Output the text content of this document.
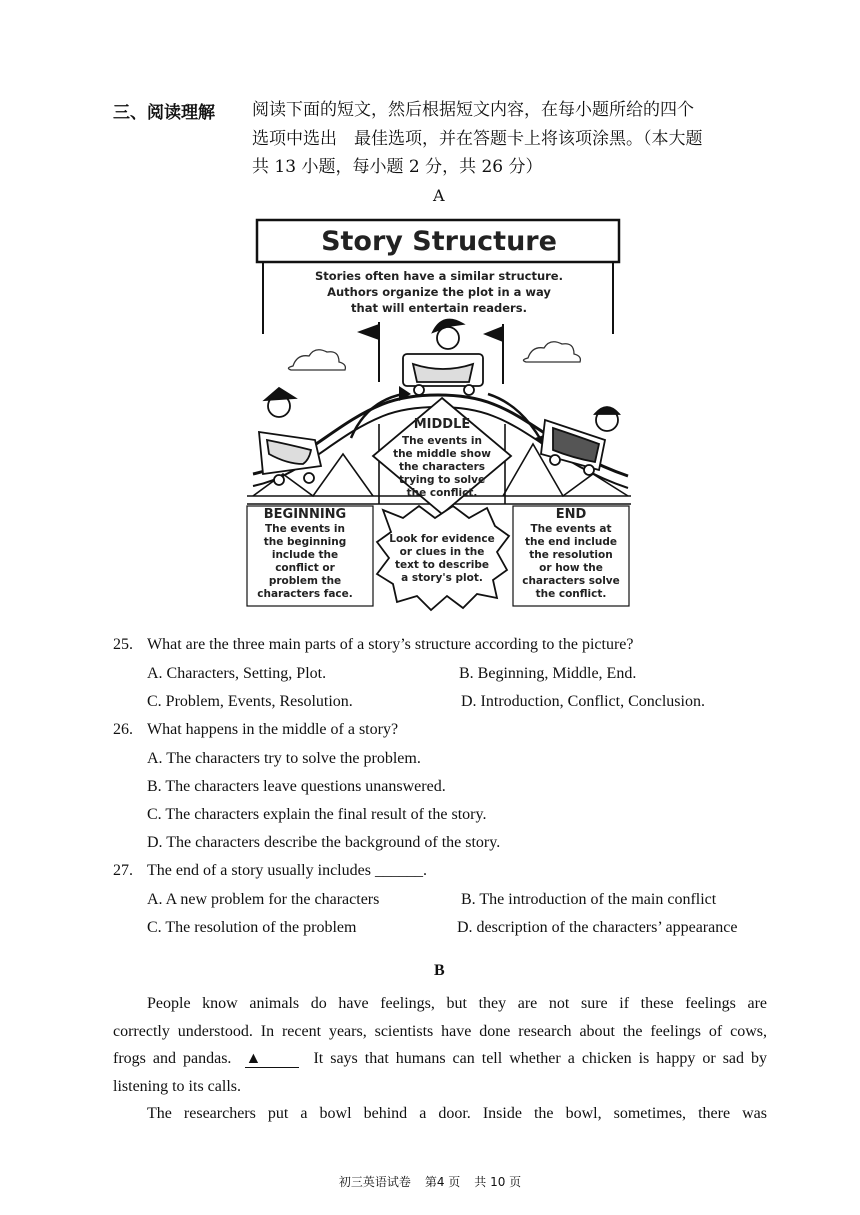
三、阅读理解 阅读下面的短文，然后根据短文内容，在每小题所给的四个
选项中选出　最佳选项，并在答题卡上将该项涂黑。（本大题
共 13 小题，每小题 2 分，共 26 分）
A
Story Structure
Stories often have a similar structure.
Authors organize the plot in a way
that will entertain readers.
MIDDLE
The events in
the middle show
the characters
trying to solve
the conflict.
BEGINNING
The events in
the beginning
include the
conflict or
problem the
characters face.
END
The events at
the end include
the resolution
or how the
characters solve
the conflict.
Look for evidence
or clues in the
text to describe
a story's plot.
25. What are the three main parts of a story’s structure according to the picture?
A. Characters, Setting, Plot.	B. Beginning, Middle, End.
C. Problem, Events, Resolution.	D. Introduction, Conflict, Conclusion.
26. What happens in the middle of a story?
A. The characters try to solve the problem.
B. The characters leave questions unanswered.
C. The characters explain the final result of the story.
D. The characters describe the background of the story.
27. The end of a story usually includes ______.
A. A new problem for the characters	B. The introduction of the main conflict
C. The resolution of the problem	D. description of the characters’ appearance
B
People know animals do have feelings, but they are not sure if these feelings are
correctly understood. In recent years, scientists have done research about the feelings of cows,
frogs and pandas. ▲	It says that humans can tell whether a chicken is happy or sad by
listening to its calls.
The researchers put a bowl behind a door. Inside the bowl, sometimes, there was
初三英语试卷 第4 页 共 10 页
